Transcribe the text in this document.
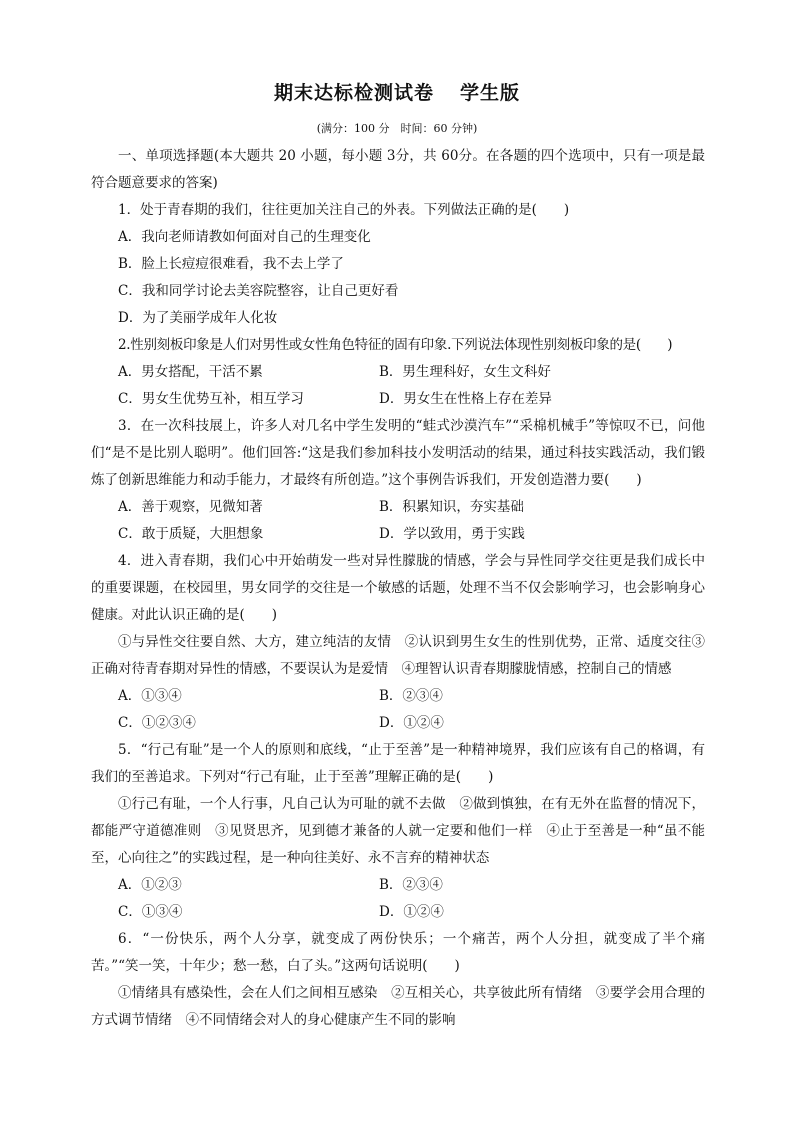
期末达标检测试卷 学生版
(满分：100 分　时间：60 分钟)

一、单项选择题(本大题共 20 小题，每小题 3分，共 60分。在各题的四个选项中，只有一项是最符合题意要求的答案)

1．处于青春期的我们，往往更加关注自己的外表。下列做法正确的是(　　)

A．我向老师请教如何面对自己的生理变化
B．脸上长痘痘很难看，我不去上学了
C．我和同学讨论去美容院整容，让自己更好看
D．为了美丽学成年人化妆

2.性别刻板印象是人们对男性或女性角色特征的固有印象.下列说法体现性别刻板印象的是(　　)

A．男女搭配，干活不累	B．男生理科好，女生文科好
C．男女生优势互补，相互学习	D．男女生在性格上存在差异

3．在一次科技展上，许多人对几名中学生发明的“蛙式沙漠汽车”“采棉机械手”等惊叹不已，问他们“是不是比别人聪明”。他们回答:“这是我们参加科技小发明活动的结果，通过科技实践活动，我们锻炼了创新思维能力和动手能力，才最终有所创造。”这个事例告诉我们，开发创造潜力要(　　)

A．善于观察，见微知著	B．积累知识，夯实基础
C．敢于质疑，大胆想象	D．学以致用，勇于实践

4．进入青春期，我们心中开始萌发一些对异性朦胧的情感，学会与异性同学交往更是我们成长中的重要课题，在校园里，男女同学的交往是一个敏感的话题，处理不当不仅会影响学习，也会影响身心健康。对此认识正确的是(　　)

①与异性交往要自然、大方，建立纯洁的友情　②认识到男生女生的性别优势，正常、适度交往③正确对待青春期对异性的情感，不要误认为是爱情　④理智认识青春期朦胧情感，控制自己的情感

A．①③④	B．②③④
C．①②③④	D．①②④

5．“行己有耻”是一个人的原则和底线，“止于至善”是一种精神境界，我们应该有自己的格调，有我们的至善追求。下列对“行己有耻，止于至善”理解正确的是(　　)

①行己有耻，一个人行事，凡自己认为可耻的就不去做　②做到慎独，在有无外在监督的情况下，都能严守道德准则　③见贤思齐，见到德才兼备的人就一定要和他们一样　④止于至善是一种“虽不能至，心向往之”的实践过程，是一种向往美好、永不言弃的精神状态

A．①②③	B．②③④
C．①③④	D．①②④

6．“一份快乐，两个人分享，就变成了两份快乐；一个痛苦，两个人分担，就变成了半个痛苦。”“笑一笑，十年少；愁一愁，白了头。”这两句话说明(　　)

①情绪具有感染性，会在人们之间相互感染　②互相关心，共享彼此所有情绪　③要学会用合理的方式调节情绪　④不同情绪会对人的身心健康产生不同的影响
